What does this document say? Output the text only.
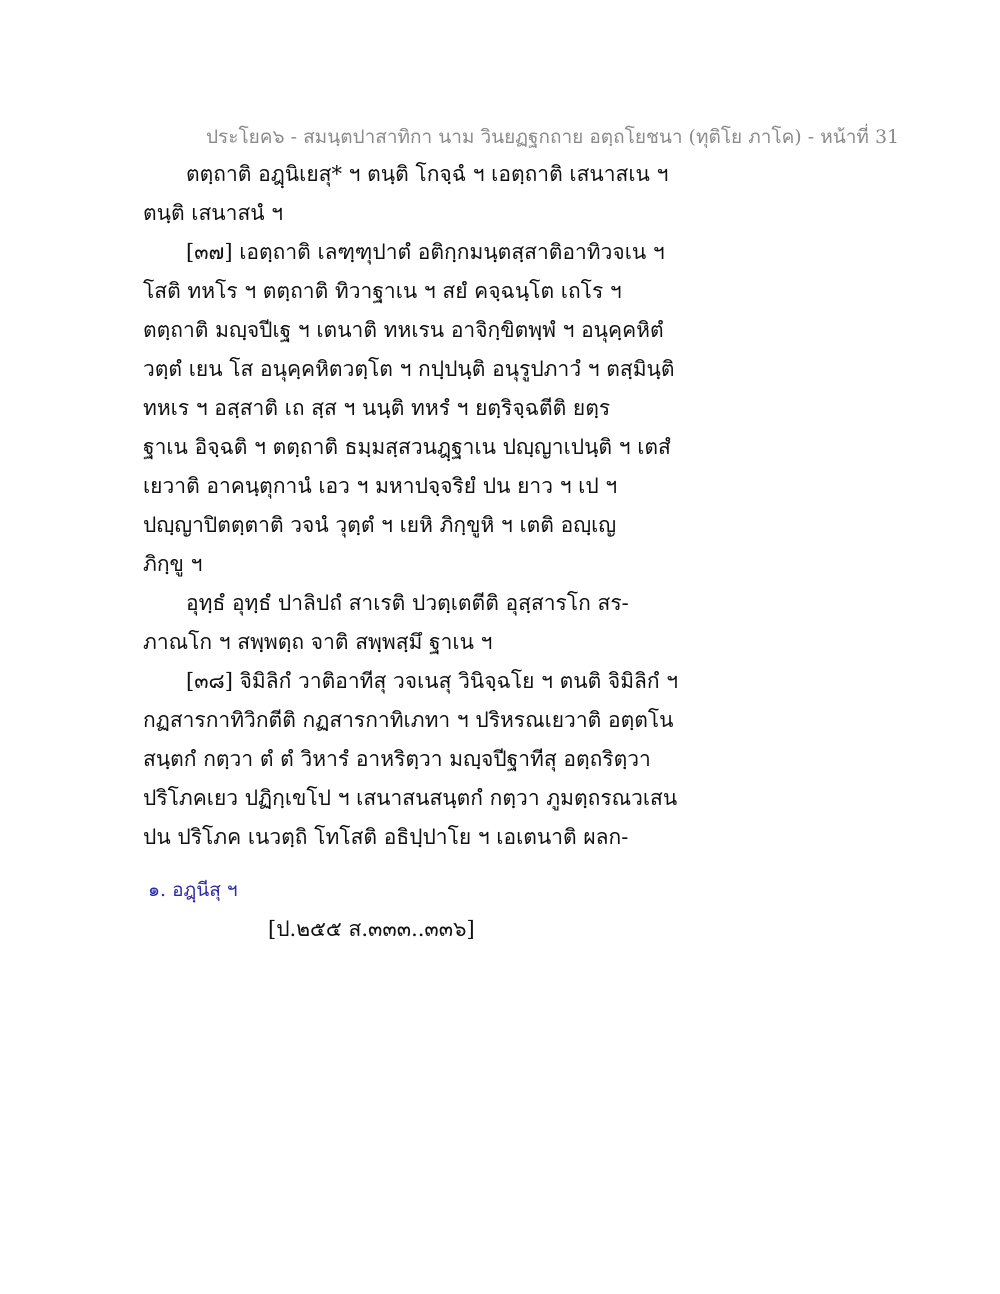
ประโยค๖ - สมนฺตปาสาทิกา นาม วินยฏฐกถาย อตฺถโยชนา (ทุติโย ภาโค) - หน้าที่ 31
ตตฺถาติ อฎฺนิเยสุ* ฯ ตนฺติ โกจฺฉํ ฯ เอตฺถาติ เสนาสเน ฯ
ตนฺติ เสนาสนํ ฯ
[๓๗] เอตฺถาติ เลฑฺฑุปาตํ อติกฺกมนฺตสฺสาติอาทิวจเน ฯ
โสติ ทหโร ฯ ตตฺถาติ ทิวาฐาเน ฯ สยํ คจฺฉนฺโต เถโร ฯ
ตตฺถาติ มญฺจปีเฐ ฯ เตนาติ ทหเรน อาจิกฺขิตพฺพํ ฯ อนุคฺคหิตํ
วตฺตํ เยน โส อนุคฺคหิตวตฺโต ฯ กปฺปนฺติ อนุรูปภาวํ ฯ ตสฺมินฺติ
ทหเร ฯ อสฺสาติ เถ สฺส ฯ นนฺติ ทหรํ ฯ ยตฺริจฺฉตีติ ยตฺร
ฐาเน อิจฺฉติ ฯ ตตฺถาติ ธมฺมสฺสวนฎฺฐาเน ปญฺญาเปนฺติ ฯ เตสํ
เยวาติ อาคนฺตุกานํ เอว ฯ มหาปจฺจริยํ ปน ยาว ฯ เป ฯ
ปญฺญาปิตตฺตาติ วจนํ วุตฺตํ ฯ เยหิ ภิกฺขูหิ ฯ เตติ อญฺเญ
ภิกฺขู ฯ
อุทฺธํ อุทฺธํ ปาลิปถํ สาเรติ ปวตฺเตตีติ อุสฺสารโก สร-
ภาณโก ฯ สพฺพตฺถ จาติ สพฺพสฺมึ ฐาเน ฯ
[๓๘] จิมิลิกํ วาติอาทีสุ วจเนสุ วินิจฺฉโย ฯ ตนติ จิมิลิกํ ฯ
กฏสารกาทิวิกตีติ กฏสารกาทิเภทา ฯ ปริหรณเยวาติ อตฺตโน
สนฺตกํ กตฺวา ตํ ตํ วิหารํ อาหริตฺวา มญฺจปีฐาทีสุ อตฺถริตฺวา
ปริโภคเยว ปฏิกฺเขโป ฯ เสนาสนสนฺตกํ กตฺวา ภูมตฺถรณวเสน
ปน ปริโภค เนวตฺถิ โทโสติ อธิปฺปาโย ฯ เอเตนาติ ผลก-
๑. อฎฺนีสุ ฯ
[ป.๒๕๕ ส.๓๓๓..๓๓๖]
